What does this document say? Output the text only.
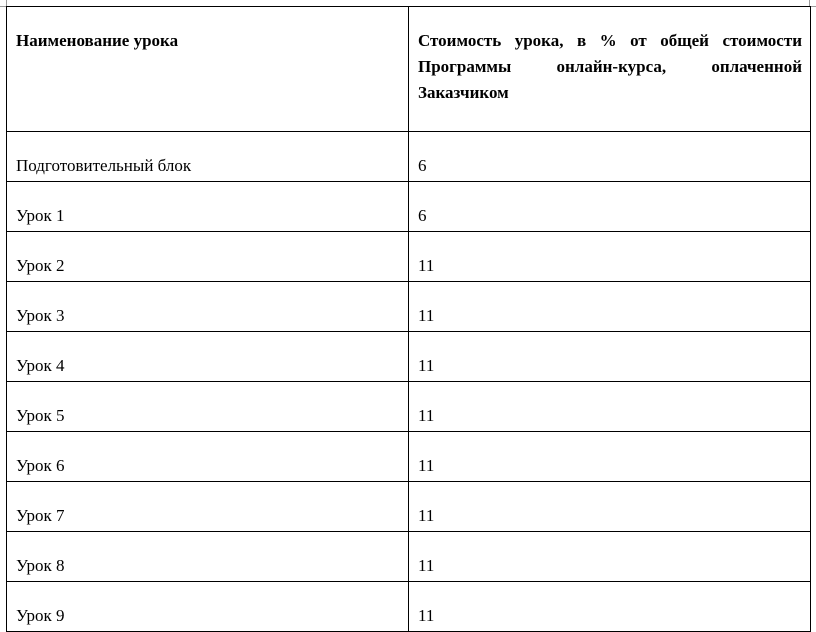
Наименование урока	Стоимость урока, в % от общей стоимости Программы онлайн-курса, оплаченной Заказчиком
Подготовительный блок	6
Урок 1	6
Урок 2	11
Урок 3	11
Урок 4	11
Урок 5	11
Урок 6	11
Урок 7	11
Урок 8	11
Урок 9	11
